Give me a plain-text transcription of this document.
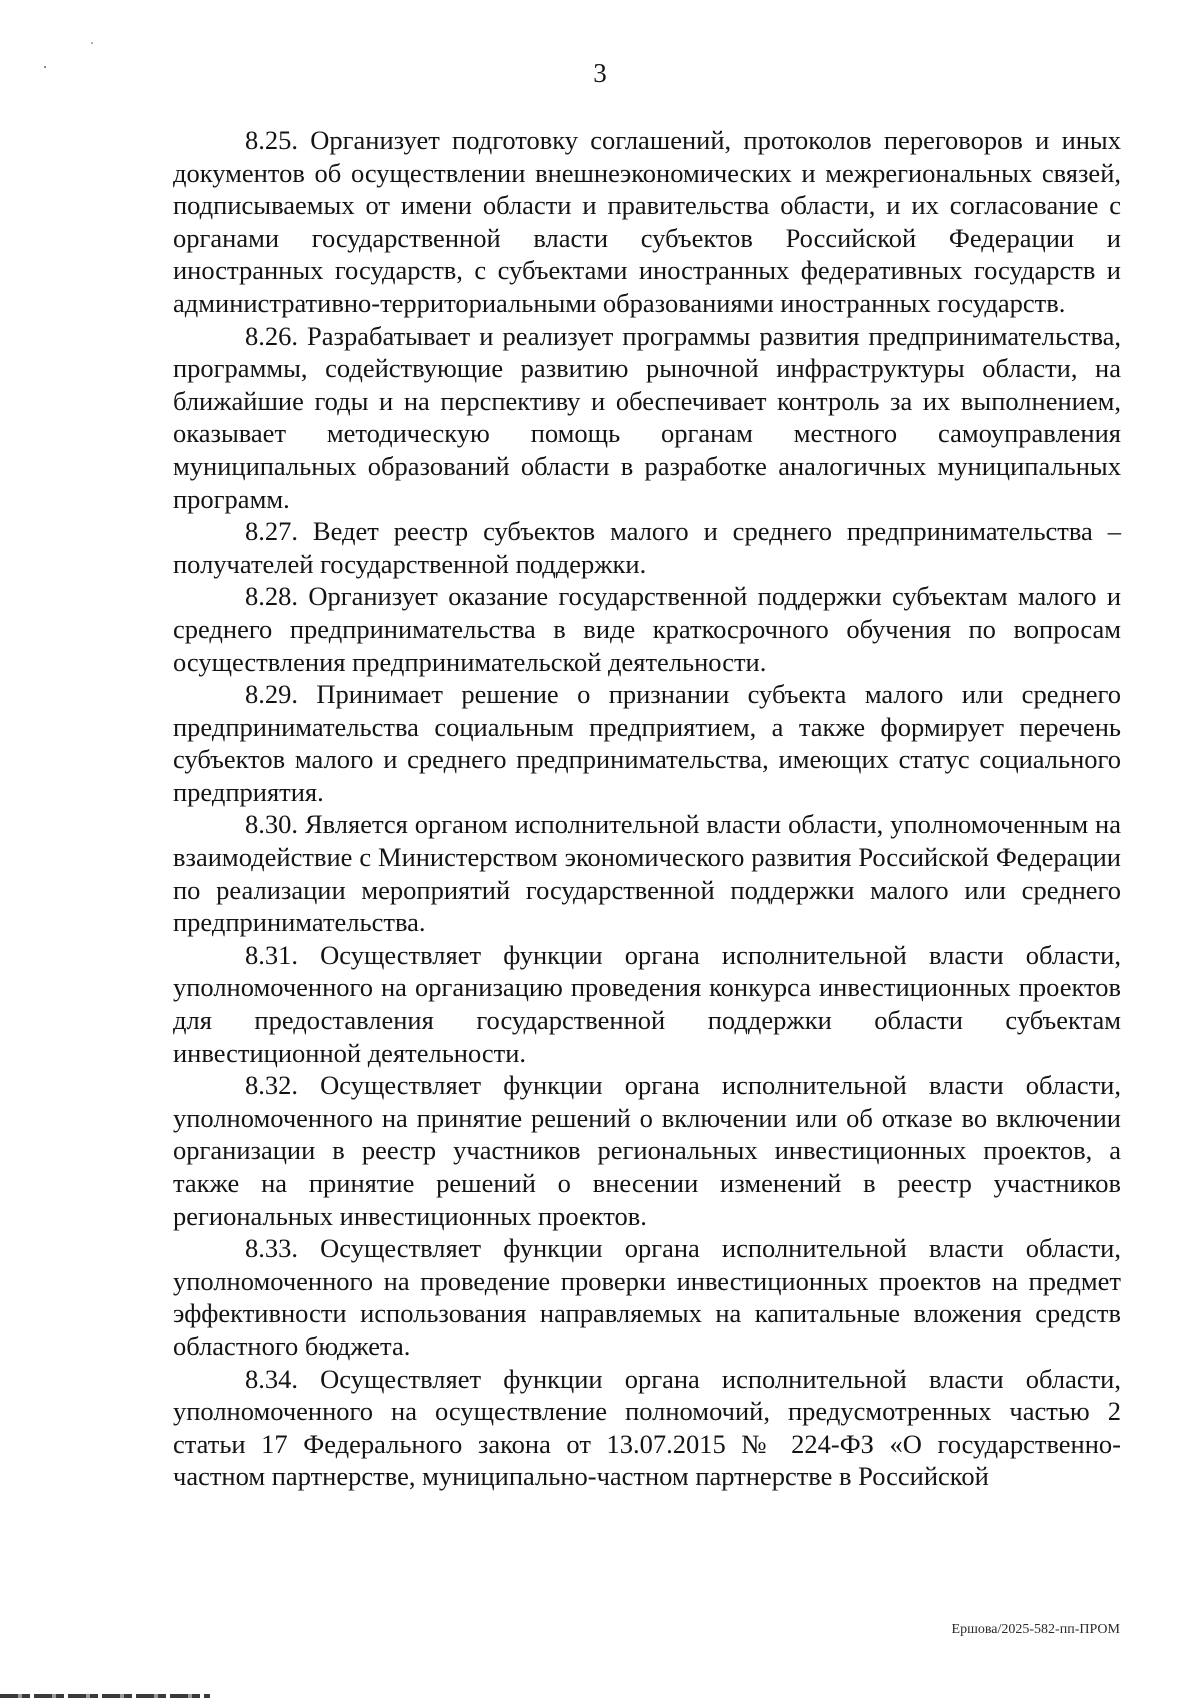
3

8.25. Организует подготовку соглашений, протоколов переговоров и иных документов об осуществлении внешнеэкономических и межрегиональных связей, подписываемых от имени области и правительства области, и их согласование с органами государственной власти субъектов Российской Федерации и иностранных государств, с субъектами иностранных федеративных государств и административно-территориальными образованиями иностранных государств.

8.26. Разрабатывает и реализует программы развития предпринимательства, программы, содействующие развитию рыночной инфраструктуры области, на ближайшие годы и на перспективу и обеспечивает контроль за их выполнением, оказывает методическую помощь органам местного самоуправления муниципальных образований области в разработке аналогичных муниципальных программ.

8.27. Ведет реестр субъектов малого и среднего предпринимательства – получателей государственной поддержки.

8.28. Организует оказание государственной поддержки субъектам малого и среднего предпринимательства в виде краткосрочного обучения по вопросам осуществления предпринимательской деятельности.

8.29. Принимает решение о признании субъекта малого или среднего предпринимательства социальным предприятием, а также формирует перечень субъектов малого и среднего предпринимательства, имеющих статус социального предприятия.

8.30. Является органом исполнительной власти области, уполномоченным на взаимодействие с Министерством экономического развития Российской Федерации по реализации мероприятий государственной поддержки малого или среднего предпринимательства.

8.31. Осуществляет функции органа исполнительной власти области, уполномоченного на организацию проведения конкурса инвестиционных проектов для предоставления государственной поддержки области субъектам инвестиционной деятельности.

8.32. Осуществляет функции органа исполнительной власти области, уполномоченного на принятие решений о включении или об отказе во включении организации в реестр участников региональных инвестиционных проектов, а также на принятие решений о внесении изменений в реестр участников региональных инвестиционных проектов.

8.33. Осуществляет функции органа исполнительной власти области, уполномоченного на проведение проверки инвестиционных проектов на предмет эффективности использования направляемых на капитальные вложения средств областного бюджета.

8.34. Осуществляет функции органа исполнительной власти области, уполномоченного на осуществление полномочий, предусмотренных частью 2 статьи 17 Федерального закона от 13.07.2015 № 224-ФЗ «О государственно-частном партнерстве, муниципально-частном партнерстве в Российской

Ершова/2025-582-пп-ПРОМ
